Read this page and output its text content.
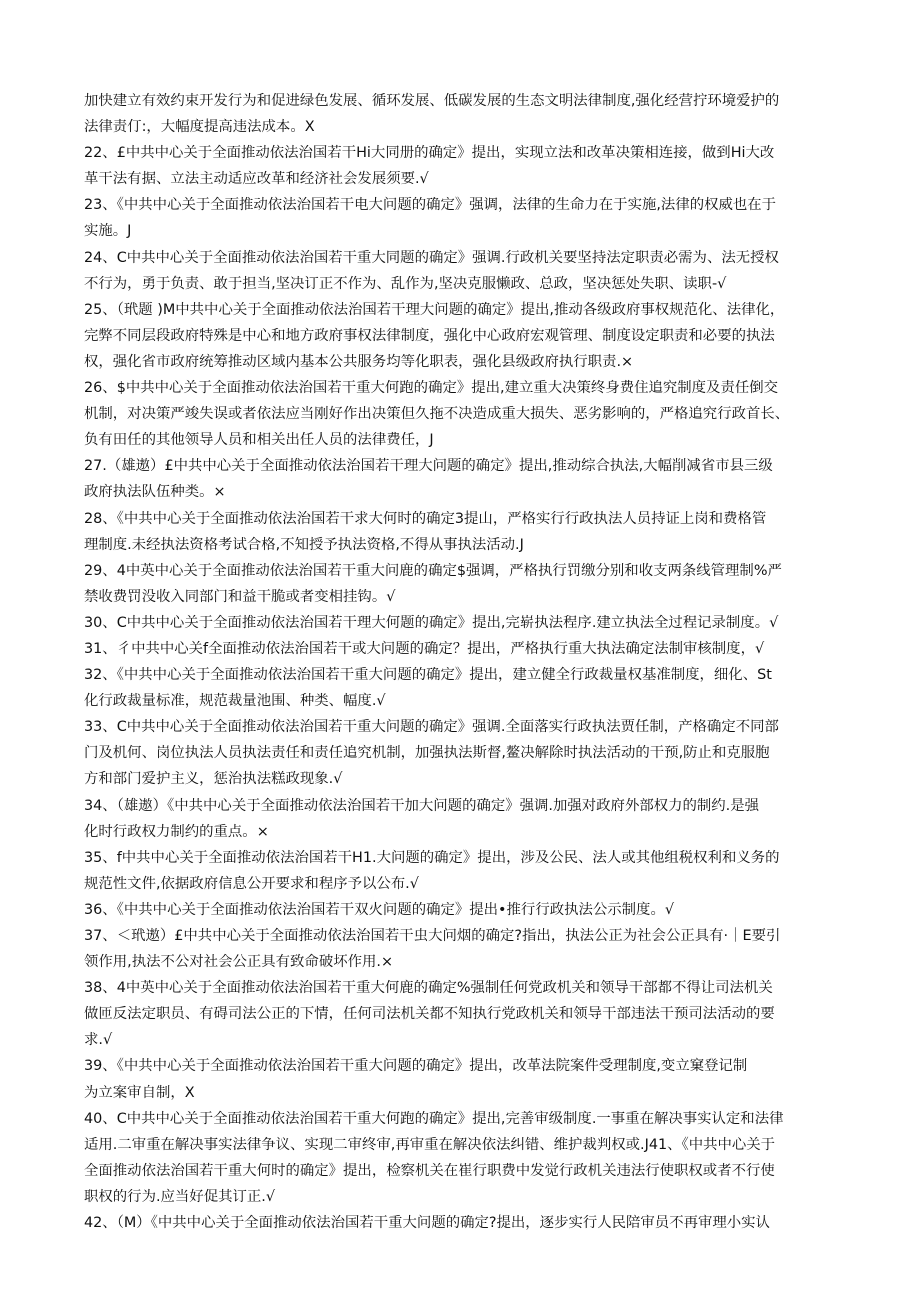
加快建立有效约束开发行为和促进绿色发展、循环发展、低碳发展的生态文明法律制度,强化经营拧环境爱护的
法律责仃:，大幅度提高违法成本。X
22、£中共中心关于全面推动依法治国若干Hi大同册的确定》提出，实现立法和改革决策相连接，做到Hi大改
革干法有据、立法主动适应改革和经济社会发展须要.√
23、《中共中心关于全面推动依法治国若干电大问题的确定》强调，法律的生命力在于实施,法律的权威也在于
实施。J
24、C中共中心关于全面推动依法治国若干重大同题的确定》强调.行政机关要坚持法定职责必需为、法无授权
不行为，勇于负责、敢于担当,坚决订正不作为、乱作为,坚决克服懒政、总政，坚决惩处失职、读职-√
25、（玳题 )M中共中心关于全面推动依法治国若干理大问题的确定》提出,推动各级政府事权规范化、法律化，
完弊不同层段政府特殊是中心和地方政府事权法律制度，强化中心政府宏观管理、制度设定职责和必要的执法
权，强化省市政府统筹推动区域内基本公共服务均等化职表，强化县级政府执行职责.×
26、$中共中心关于全面推动依法治国若干重大何跑的确定》提出,建立重大决策终身费住追究制度及责任倒交
机制，对决策严竣失误或者依法应当刚好作出决策但久拖不决造成重大损失、恶劣影响的，严格追究行政首长、
负有田任的其他领导人员和相关出任人员的法律费任，J
27.（雄遨）£中共中心关于全面推动依法治国若干理大问题的确定》提出,推动综合执法,大幅削减省市县三级
政府执法队伍种类。×
28、《中共中心关于全面推动依法治国若干求大何时的确定3提山，严格实行行政执法人员持证上岗和费格管
理制度.未经执法资格考试合格,不知授予执法资格,不得从事执法活动.J
29、4中英中心关于全面推动依法治国若干重大问鹿的确定$强调，严格执行罚缴分别和收支两条线管理制%严
禁收费罚没收入同部门和益干脆或者变相挂钩。√
30、C中共中心关于全面推动依法治国若干理大何题的确定》提出,完崭执法程序.建立执法全过程记录制度。√
31、彳中共中心关f全面推动依法治国若干或大问题的确定？提出，严格执行重大执法确定法制审核制度，√
32、《中共中心关于全面推动依法治国若干重大问题的确定》提出，建立健全行政裁量权基准制度，细化、St
化行政裁量标准，规范裁量池围、种类、幅度.√
33、C中共中心关于全面推动依法治国若干重大问题的确定》强调.全面落实行政执法贾任制，产格确定不同部
门及机何、岗位执法人员执法责任和责任追究机制，加强执法斯督,鳌决解除时执法活动的干预,防止和克服胞
方和部门爱护主义，惩治执法糕政现象.√
34、（雄遨）《中共中心关于全面推动依法治国若干加大问题的确定》强调.加强对政府外部权力的制约.是强
化时行政权力制约的重点。×
35、f中共中心关于全面推动依法治国若干H1.大问题的确定》提出，涉及公民、法人或其他组税权利和义务的
规范性文件,依据政府信息公开要求和程序予以公布.√
36、《中共中心关于全面推动依法治国若干双火问题的确定》提出•推行行政执法公示制度。√
37、＜玳遨）£中共中心关于全面推动依法治国若干虫大问烟的确定?指出，执法公正为社会公正具有·｜E要引
领作用,执法不公对社会公正具有致命破坏作用.×
38、4中英中心关于全面推动依法治国若干重大何鹿的确定%强制任何党政机关和领导干部都不得让司法机关
做匝反法定职员、有碍司法公正的下情，任何司法机关都不知执行党政机关和领导干部违法干预司法活动的要
求.√
39、《中共中心关于全面推动依法治国若干重大问题的确定》提出，改革法院案件受理制度,变立窠登记制
为立案审自制，X
40、C中共中心关于全面推动依法治国若干重大何跑的确定》提出,完善审级制度.一事重在解决事实认定和法律
适用.二审重在解决事实法律争议、实现二审终审,再审重在解决依法纠错、维护裁判权或.J41、《中共中心关于
全面推动依法治国若干重大何时的确定》提出，检察机关在崔行职费中发觉行政机关违法行使职权或者不行使
职权的行为.应当好促其订正.√
42、（M）《中共中心关于全面推动依法治国若干重大问题的确定?提出，逐步实行人民陪审员不再审理小实认
